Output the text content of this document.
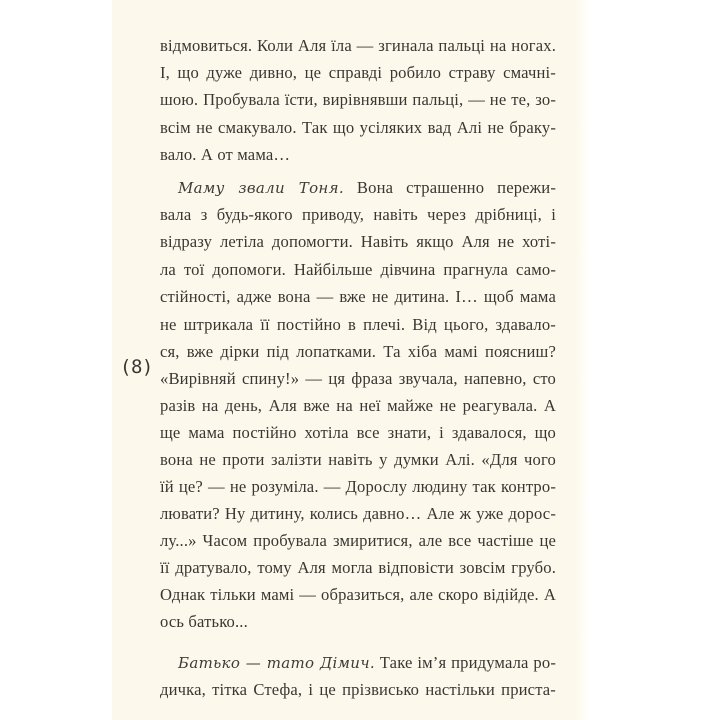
(8)
відмовиться. Коли Аля їла — згинала пальці на ногах.
І, що дуже дивно, це справді робило страву смачні-
шою. Пробувала їсти, вирівнявши пальці, — не те, зо-
всім не смакувало. Так що усіляких вад Алі не браку-
вало. А от мама…
Маму звали Тоня. Вона страшенно пережи-
вала з будь-якого приводу, навіть через дрібниці, і
відразу летіла допомогти. Навіть якщо Аля не хоті-
ла тої допомоги. Найбільше дівчина прагнула само-
стійності, адже вона — вже не дитина. І… щоб мама
не штрикала її постійно в плечі. Від цього, здавало-
ся, вже дірки під лопатками. Та хіба мамі поясниш?
«Вирівняй спину!» — ця фраза звучала, напевно, сто
разів на день, Аля вже на неї майже не реагувала. А
ще мама постійно хотіла все знати, і здавалося, що
вона не проти залізти навіть у думки Алі. «Для чого
їй це? — не розуміла. — Дорослу людину так контро-
лювати? Ну дитину, колись давно… Але ж уже дорос-
лу...» Часом пробувала змиритися, але все частіше це
її дратувало, тому Аля могла відповісти зовсім грубо.
Однак тільки мамі — образиться, але скоро відійде. А
ось батько...
Батько — тато Дімич. Таке ім’я придумала ро-
дичка, тітка Стефа, і це прізвисько настільки приста-
